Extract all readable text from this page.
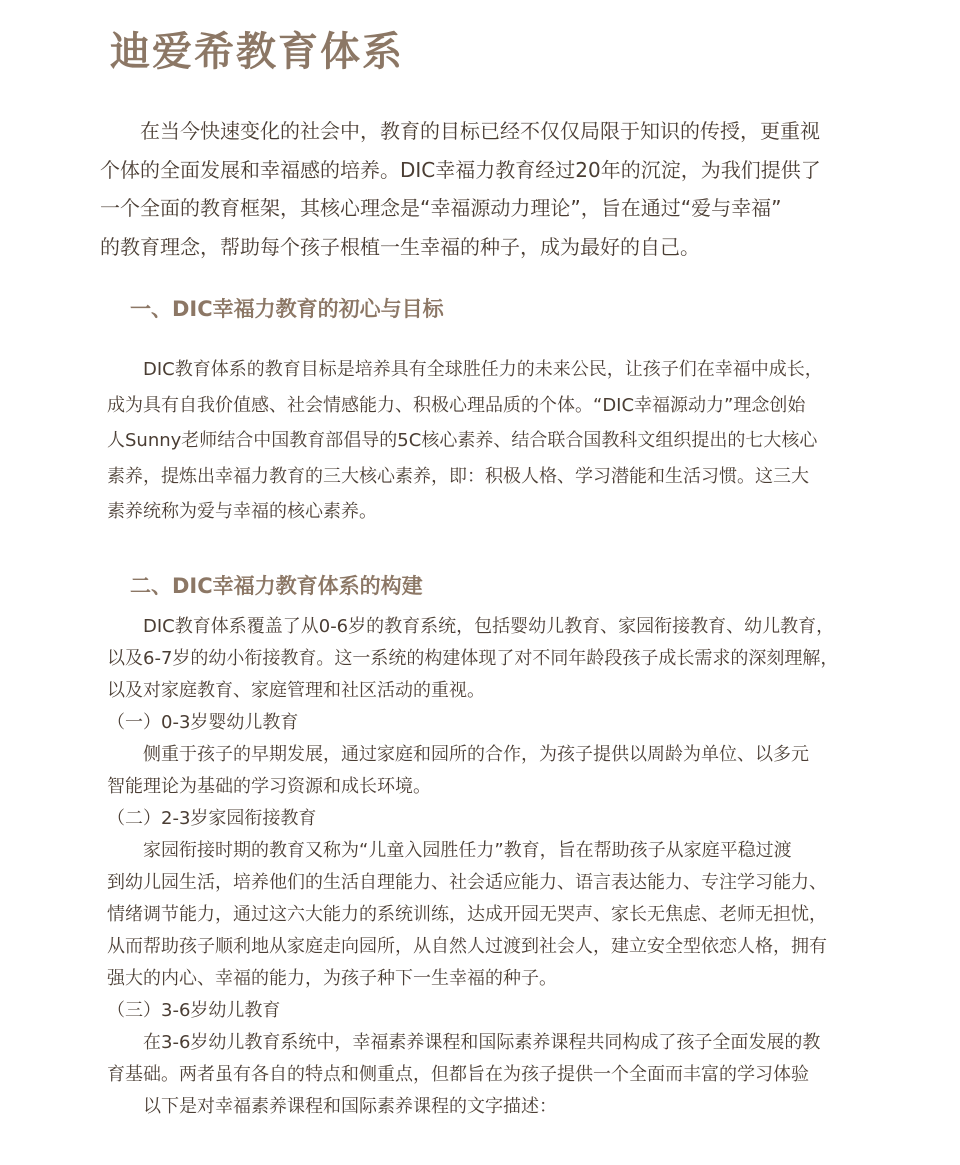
迪爱希教育体系
　　在当今快速变化的社会中，教育的目标已经不仅仅局限于知识的传授，更重视
个体的全面发展和幸福感的培养。DIC幸福力教育经过20年的沉淀，为我们提供了
一个全面的教育框架，其核心理念是“幸福源动力理论”，旨在通过“爱与幸福”
的教育理念，帮助每个孩子根植一生幸福的种子，成为最好的自己。
一、DIC幸福力教育的初心与目标
　　DIC教育体系的教育目标是培养具有全球胜任力的未来公民，让孩子们在幸福中成长，
成为具有自我价值感、社会情感能力、积极心理品质的个体。“DIC幸福源动力”理念创始
人Sunny老师结合中国教育部倡导的5C核心素养、结合联合国教科文组织提出的七大核心
素养，提炼出幸福力教育的三大核心素养，即：积极人格、学习潜能和生活习惯。这三大
素养统称为爱与幸福的核心素养。
二、DIC幸福力教育体系的构建
　　DIC教育体系覆盖了从0-6岁的教育系统，包括婴幼儿教育、家园衔接教育、幼儿教育，
以及6-7岁的幼小衔接教育。这一系统的构建体现了对不同年龄段孩子成长需求的深刻理解，
以及对家庭教育、家庭管理和社区活动的重视。
（一）0-3岁婴幼儿教育
　　侧重于孩子的早期发展，通过家庭和园所的合作，为孩子提供以周龄为单位、以多元
智能理论为基础的学习资源和成长环境。
（二）2-3岁家园衔接教育
　　家园衔接时期的教育又称为“儿童入园胜任力”教育，旨在帮助孩子从家庭平稳过渡
到幼儿园生活，培养他们的生活自理能力、社会适应能力、语言表达能力、专注学习能力、
情绪调节能力，通过这六大能力的系统训练，达成开园无哭声、家长无焦虑、老师无担忧，
从而帮助孩子顺利地从家庭走向园所，从自然人过渡到社会人，建立安全型依恋人格，拥有
强大的内心、幸福的能力，为孩子种下一生幸福的种子。
（三）3-6岁幼儿教育
　　在3-6岁幼儿教育系统中，幸福素养课程和国际素养课程共同构成了孩子全面发展的教
育基础。两者虽有各自的特点和侧重点，但都旨在为孩子提供一个全面而丰富的学习体验
　　以下是对幸福素养课程和国际素养课程的文字描述：
